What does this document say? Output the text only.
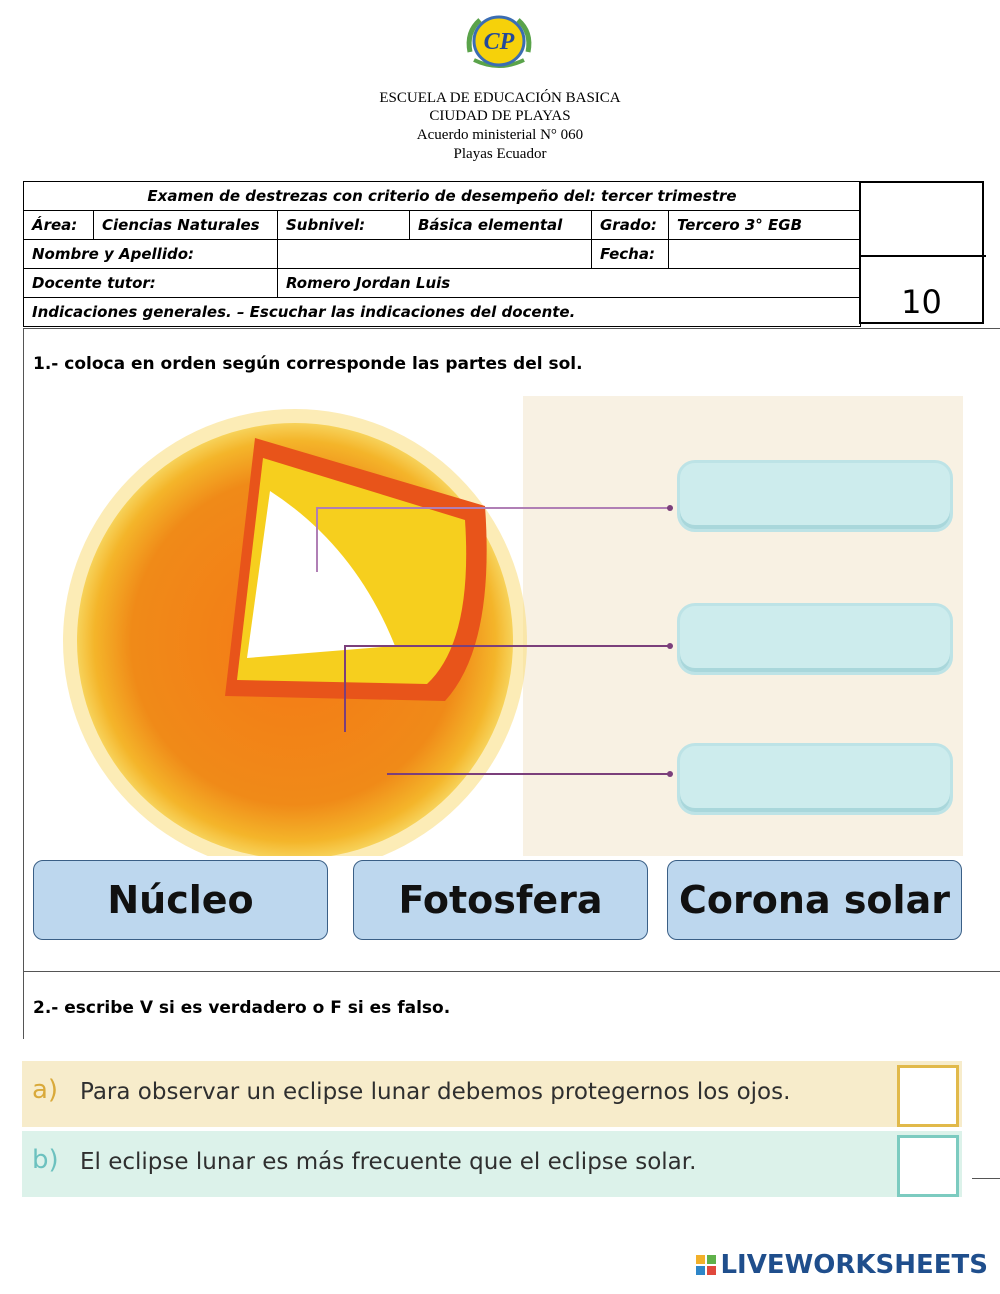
CP
ESCUELA DE EDUCACIÓN BASICA
CIUDAD DE PLAYAS
Acuerdo ministerial N° 060
Playas Ecuador
Examen de destrezas con criterio de desempeño del: tercer trimestre					
Área:	Ciencias Naturales	Subnivel:	Básica elemental	Grado:	Tercero 3° EGB
Nombre y Apellido:				Fecha:	
Docente tutor:		Romero Jordan Luis			
Indicaciones generales. – Escuchar las indicaciones del docente.						10
1.- coloca en orden según corresponde las partes del sol.
Núcleo	Fotosfera	Corona solar
2.- escribe V si es verdadero o F si es falso.
a) Para observar un eclipse lunar debemos protegernos los ojos.
b) El eclipse lunar es más frecuente que el eclipse solar.
LIVEWORKSHEETS
